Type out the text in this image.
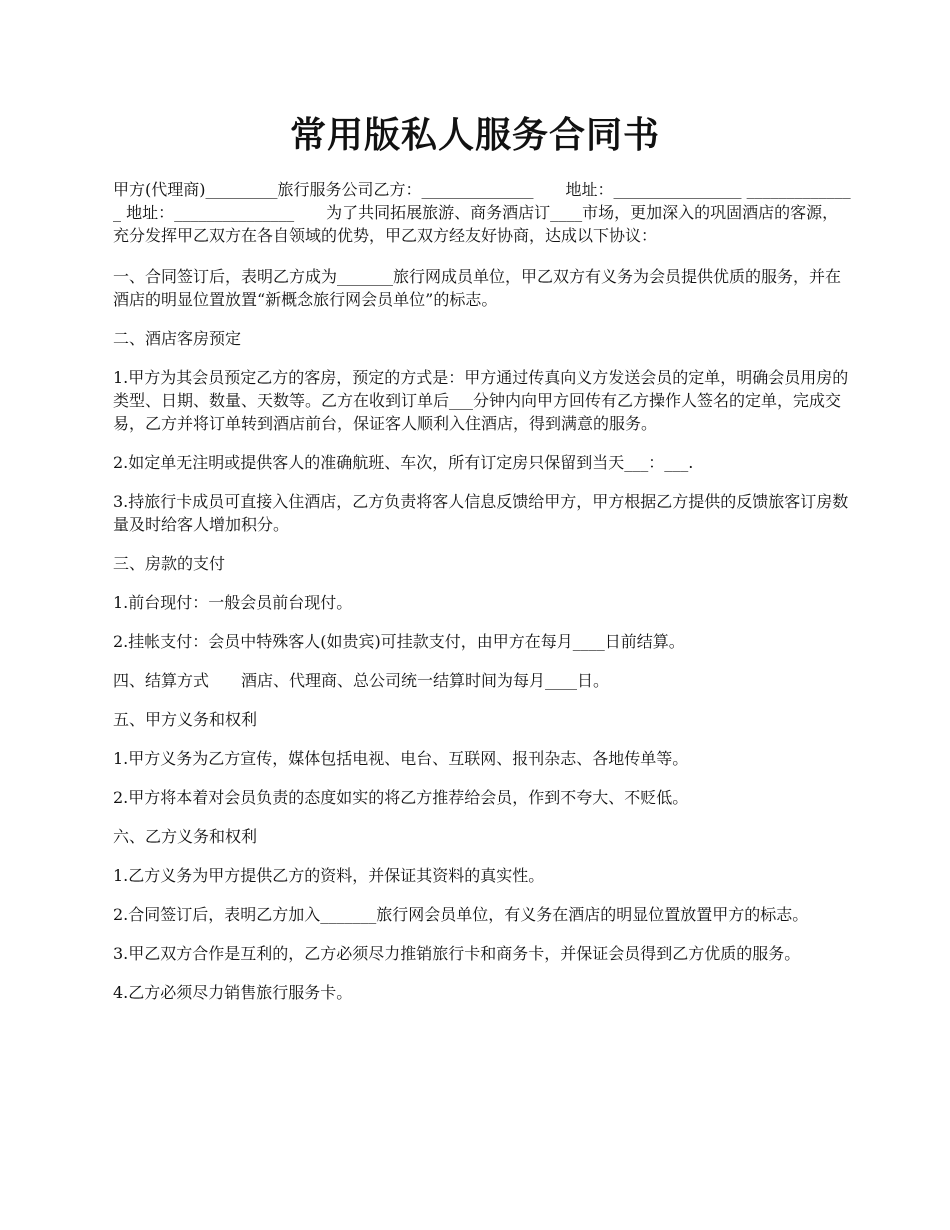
常用版私人服务合同书

甲方(代理商)_________旅行服务公司乙方：______________　　地址：________________ ______________ 地址：_______________　　为了共同拓展旅游、商务酒店订____市场，更加深入的巩固酒店的客源，充分发挥甲乙双方在各自领域的优势，甲乙双方经友好协商，达成以下协议：

一、合同签订后，表明乙方成为_______旅行网成员单位，甲乙双方有义务为会员提供优质的服务，并在酒店的明显位置放置“新概念旅行网会员单位”的标志。

二、酒店客房预定

1.甲方为其会员预定乙方的客房，预定的方式是：甲方通过传真向义方发送会员的定单，明确会员用房的类型、日期、数量、天数等。乙方在收到订单后___分钟内向甲方回传有乙方操作人签名的定单，完成交易，乙方并将订单转到酒店前台，保证客人顺利入住酒店，得到满意的服务。

2.如定单无注明或提供客人的准确航班、车次，所有订定房只保留到当天___：___.

3.持旅行卡成员可直接入住酒店，乙方负责将客人信息反馈给甲方，甲方根据乙方提供的反馈旅客订房数量及时给客人增加积分。

三、房款的支付

1.前台现付：一般会员前台现付。

2.挂帐支付：会员中特殊客人(如贵宾)可挂款支付，由甲方在每月____日前结算。

四、结算方式　　酒店、代理商、总公司统一结算时间为每月____日。

五、甲方义务和权利

1.甲方义务为乙方宣传，媒体包括电视、电台、互联网、报刊杂志、各地传单等。

2.甲方将本着对会员负责的态度如实的将乙方推荐给会员，作到不夸大、不贬低。

六、乙方义务和权利

1.乙方义务为甲方提供乙方的资料，并保证其资料的真实性。

2.合同签订后，表明乙方加入_______旅行网会员单位，有义务在酒店的明显位置放置甲方的标志。

3.甲乙双方合作是互利的，乙方必须尽力推销旅行卡和商务卡，并保证会员得到乙方优质的服务。

4.乙方必须尽力销售旅行服务卡。
